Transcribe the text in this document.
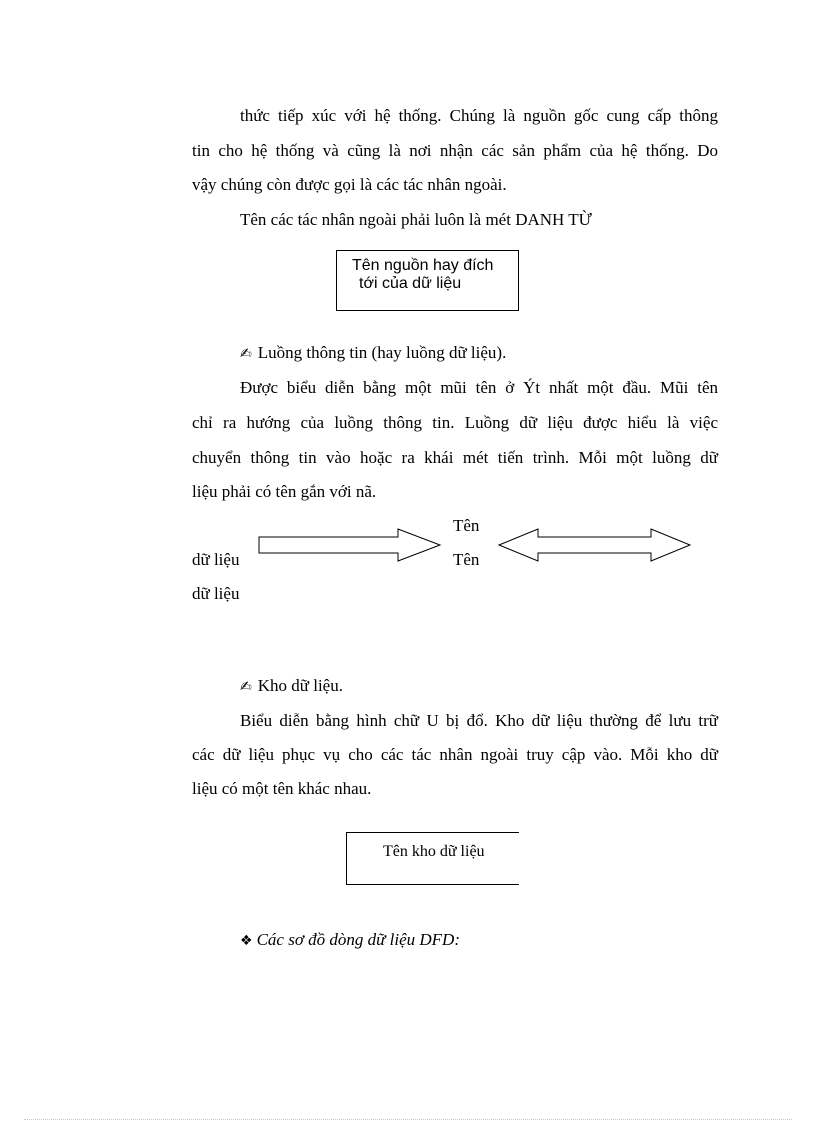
thức tiếp xúc với hệ thống. Chúng là nguồn gốc cung cấp thông
tin cho hệ thống và cũng là nơi nhận các sản phẩm của hệ thống. Do
vậy chúng còn được gọi là các tác nhân ngoài.
Tên các tác nhân ngoài phải luôn là mét DANH TỪ
Tên nguồn hay đích
tới của dữ liệu
✍ Luồng thông tin (hay luồng dữ liệu).
Được biểu diễn bằng một mũi tên ở Ýt nhất một đầu. Mũi tên
chỉ ra hướng của luồng thông tin. Luồng dữ liệu được hiểu là việc
chuyển thông tin vào hoặc ra khái mét tiến trình. Mỗi một luồng dữ
liệu phải có tên gắn với nã.
Tên
Tên
dữ liệu
dữ liệu
✍ Kho dữ liệu.
Biểu diễn bằng hình chữ U bị đổ. Kho dữ liệu thường để lưu trữ
các dữ liệu phục vụ cho các tác nhân ngoài truy cập vào. Mỗi kho dữ
liệu có một tên khác nhau.
Tên kho dữ liệu
❖ Các sơ đồ dòng dữ liệu DFD:
